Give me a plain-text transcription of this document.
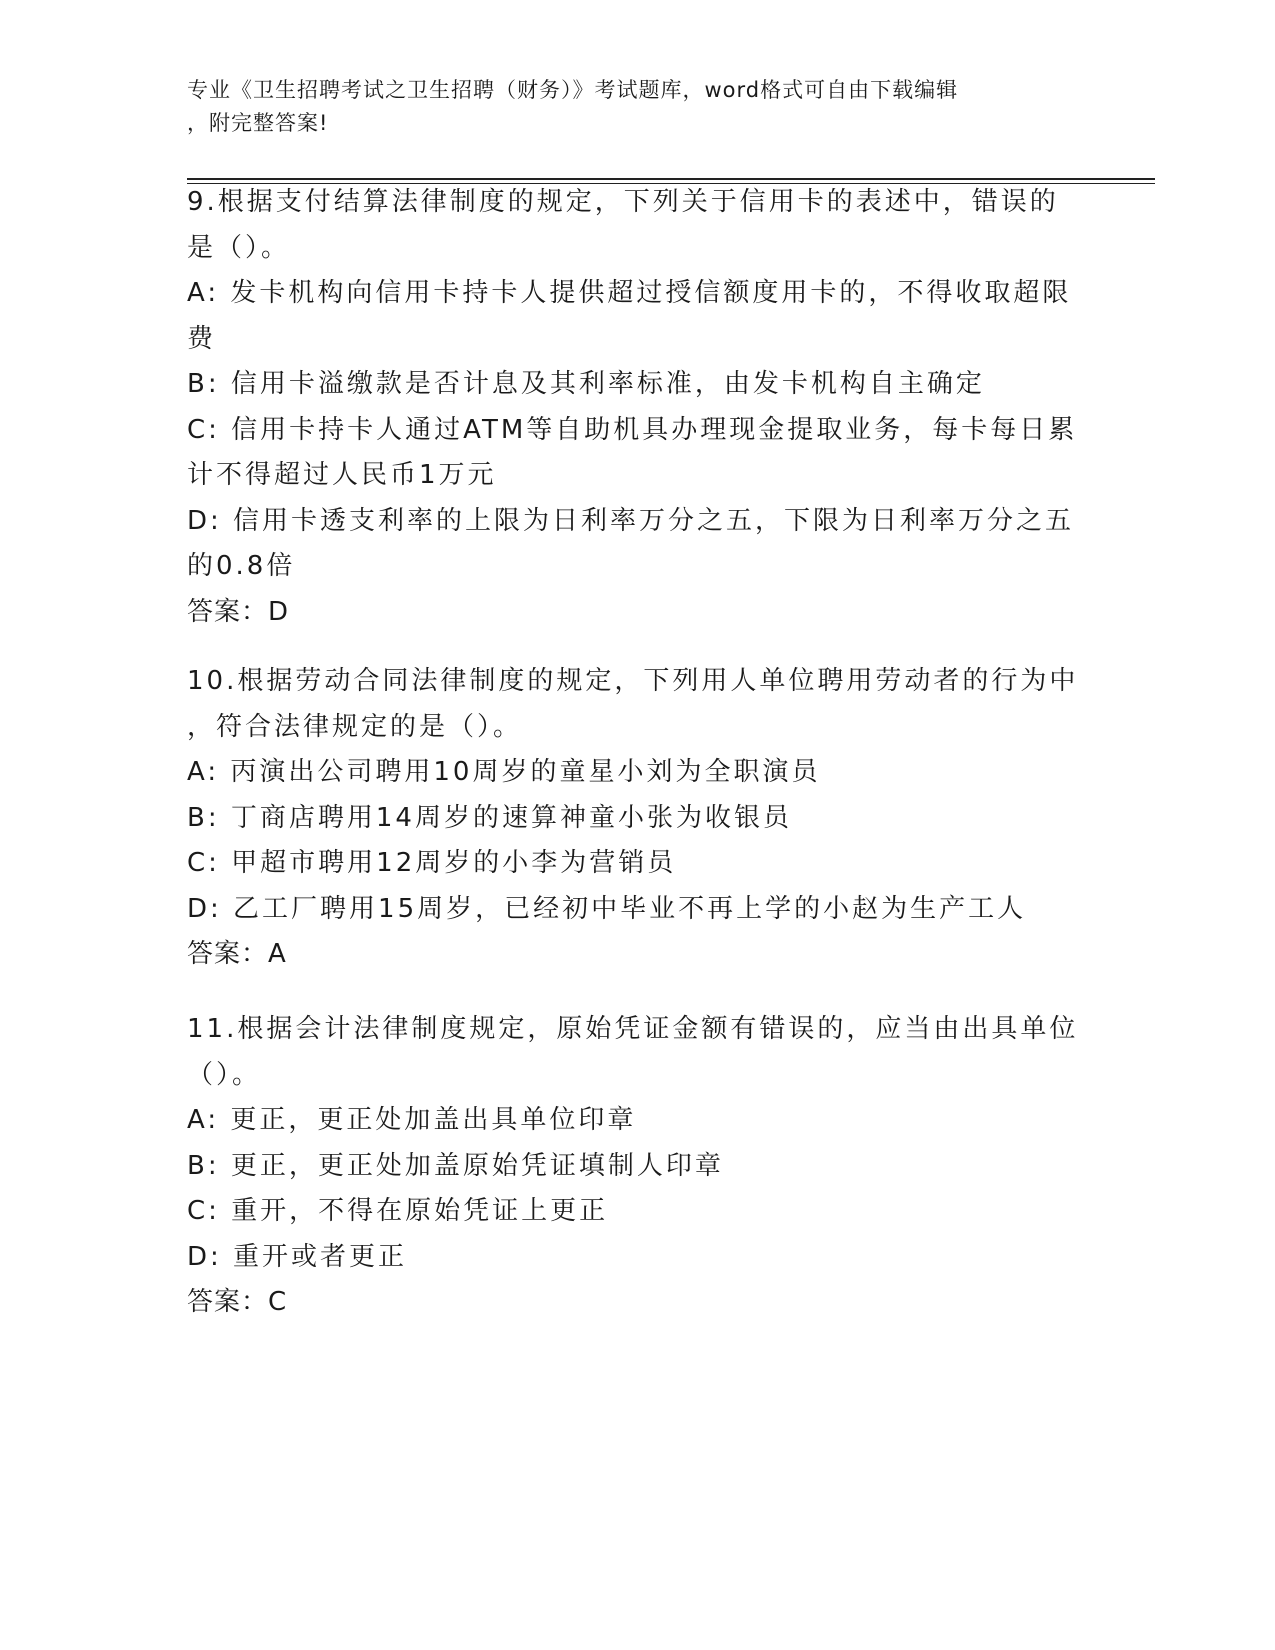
专业《卫生招聘考试之卫生招聘（财务）》考试题库，word格式可自由下载编辑
，附完整答案!
9.根据支付结算法律制度的规定，下列关于信用卡的表述中，错误的
是（）。
A: 发卡机构向信用卡持卡人提供超过授信额度用卡的，不得收取超限
费
B: 信用卡溢缴款是否计息及其利率标准，由发卡机构自主确定
C: 信用卡持卡人通过ATM等自助机具办理现金提取业务，每卡每日累
计不得超过人民币1万元
D: 信用卡透支利率的上限为日利率万分之五，下限为日利率万分之五
的0.8倍
答案：D
10.根据劳动合同法律制度的规定，下列用人单位聘用劳动者的行为中
，符合法律规定的是（）。
A: 丙演出公司聘用10周岁的童星小刘为全职演员
B: 丁商店聘用14周岁的速算神童小张为收银员
C: 甲超市聘用12周岁的小李为营销员
D: 乙工厂聘用15周岁，已经初中毕业不再上学的小赵为生产工人
答案：A
11.根据会计法律制度规定，原始凭证金额有错误的，应当由出具单位
（）。
A: 更正，更正处加盖出具单位印章
B: 更正，更正处加盖原始凭证填制人印章
C: 重开，不得在原始凭证上更正
D: 重开或者更正
答案：C
